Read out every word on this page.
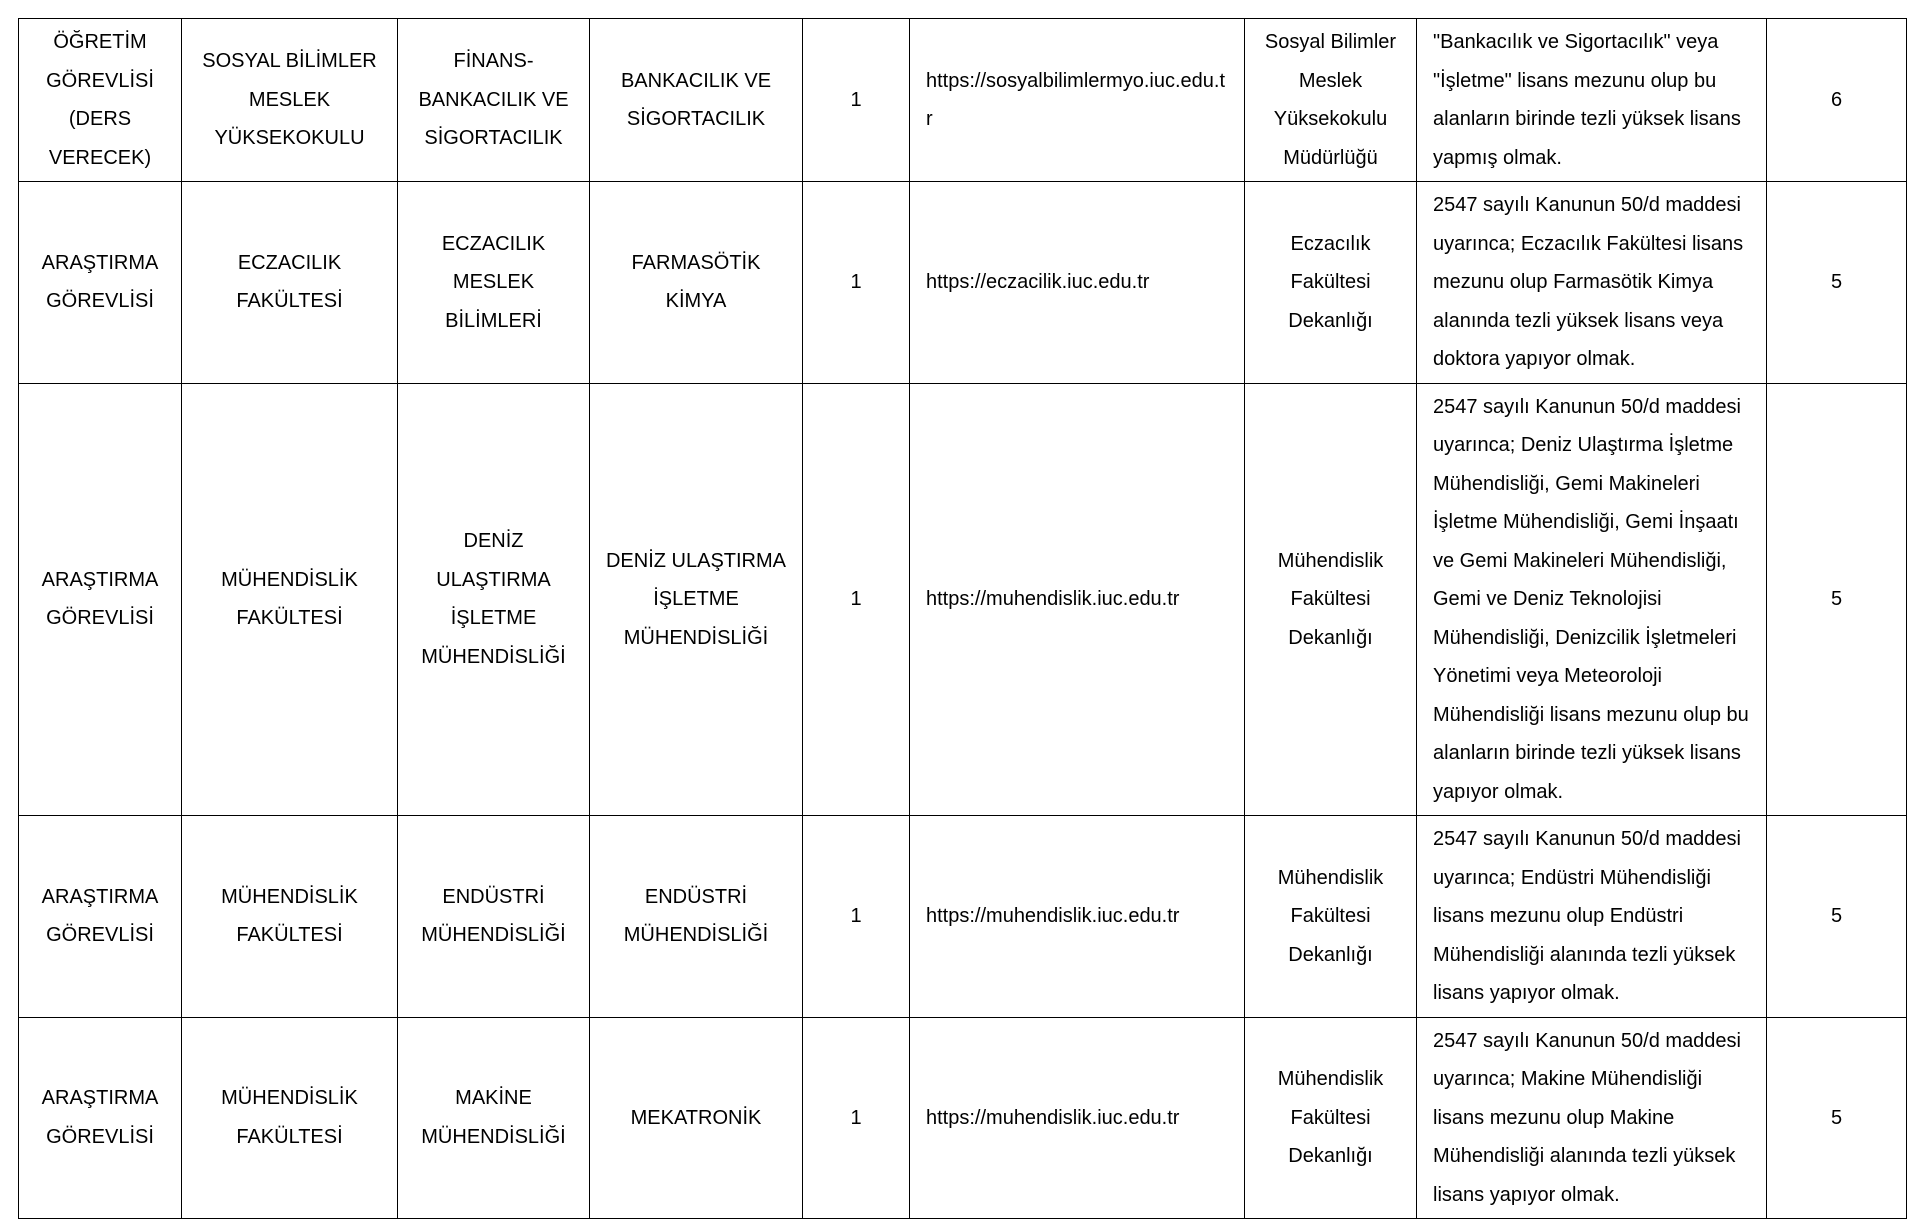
ÖĞRETİM GÖREVLİSİ (DERS VERECEK)	SOSYAL BİLİMLER MESLEK YÜKSEKOKULU	FİNANS-BANKACILIK VE SİGORTACILIK	BANKACILIK VE SİGORTACILIK	1	https://sosyalbilimlermyo.iuc.edu.tr	Sosyal Bilimler Meslek Yüksekokulu Müdürlüğü	"Bankacılık ve Sigortacılık" veya "İşletme" lisans mezunu olup bu alanların birinde tezli yüksek lisans yapmış olmak.	6

ARAŞTIRMA GÖREVLİSİ	ECZACILIK FAKÜLTESİ	ECZACILIK MESLEK BİLİMLERİ	FARMASÖTİK KİMYA	1	https://eczacilik.iuc.edu.tr	Eczacılık Fakültesi Dekanlığı	2547 sayılı Kanunun 50/d maddesi uyarınca; Eczacılık Fakültesi lisans mezunu olup Farmasötik Kimya alanında tezli yüksek lisans veya doktora yapıyor olmak.	5

ARAŞTIRMA GÖREVLİSİ	MÜHENDİSLİK FAKÜLTESİ	DENİZ ULAŞTIRMA İŞLETME MÜHENDİSLİĞİ	DENİZ ULAŞTIRMA İŞLETME MÜHENDİSLİĞİ	1	https://muhendislik.iuc.edu.tr	Mühendislik Fakültesi Dekanlığı	2547 sayılı Kanunun 50/d maddesi uyarınca; Deniz Ulaştırma İşletme Mühendisliği, Gemi Makineleri İşletme Mühendisliği, Gemi İnşaatı ve Gemi Makineleri Mühendisliği, Gemi ve Deniz Teknolojisi Mühendisliği, Denizcilik İşletmeleri Yönetimi veya Meteoroloji Mühendisliği lisans mezunu olup bu alanların birinde tezli yüksek lisans yapıyor olmak.	5

ARAŞTIRMA GÖREVLİSİ	MÜHENDİSLİK FAKÜLTESİ	ENDÜSTRİ MÜHENDİSLİĞİ	ENDÜSTRİ MÜHENDİSLİĞİ	1	https://muhendislik.iuc.edu.tr	Mühendislik Fakültesi Dekanlığı	2547 sayılı Kanunun 50/d maddesi uyarınca; Endüstri Mühendisliği lisans mezunu olup Endüstri Mühendisliği alanında tezli yüksek lisans yapıyor olmak.	5

ARAŞTIRMA GÖREVLİSİ	MÜHENDİSLİK FAKÜLTESİ	MAKİNE MÜHENDİSLİĞİ	MEKATRONİK	1	https://muhendislik.iuc.edu.tr	Mühendislik Fakültesi Dekanlığı	2547 sayılı Kanunun 50/d maddesi uyarınca; Makine Mühendisliği lisans mezunu olup Makine Mühendisliği alanında tezli yüksek lisans yapıyor olmak.	5
